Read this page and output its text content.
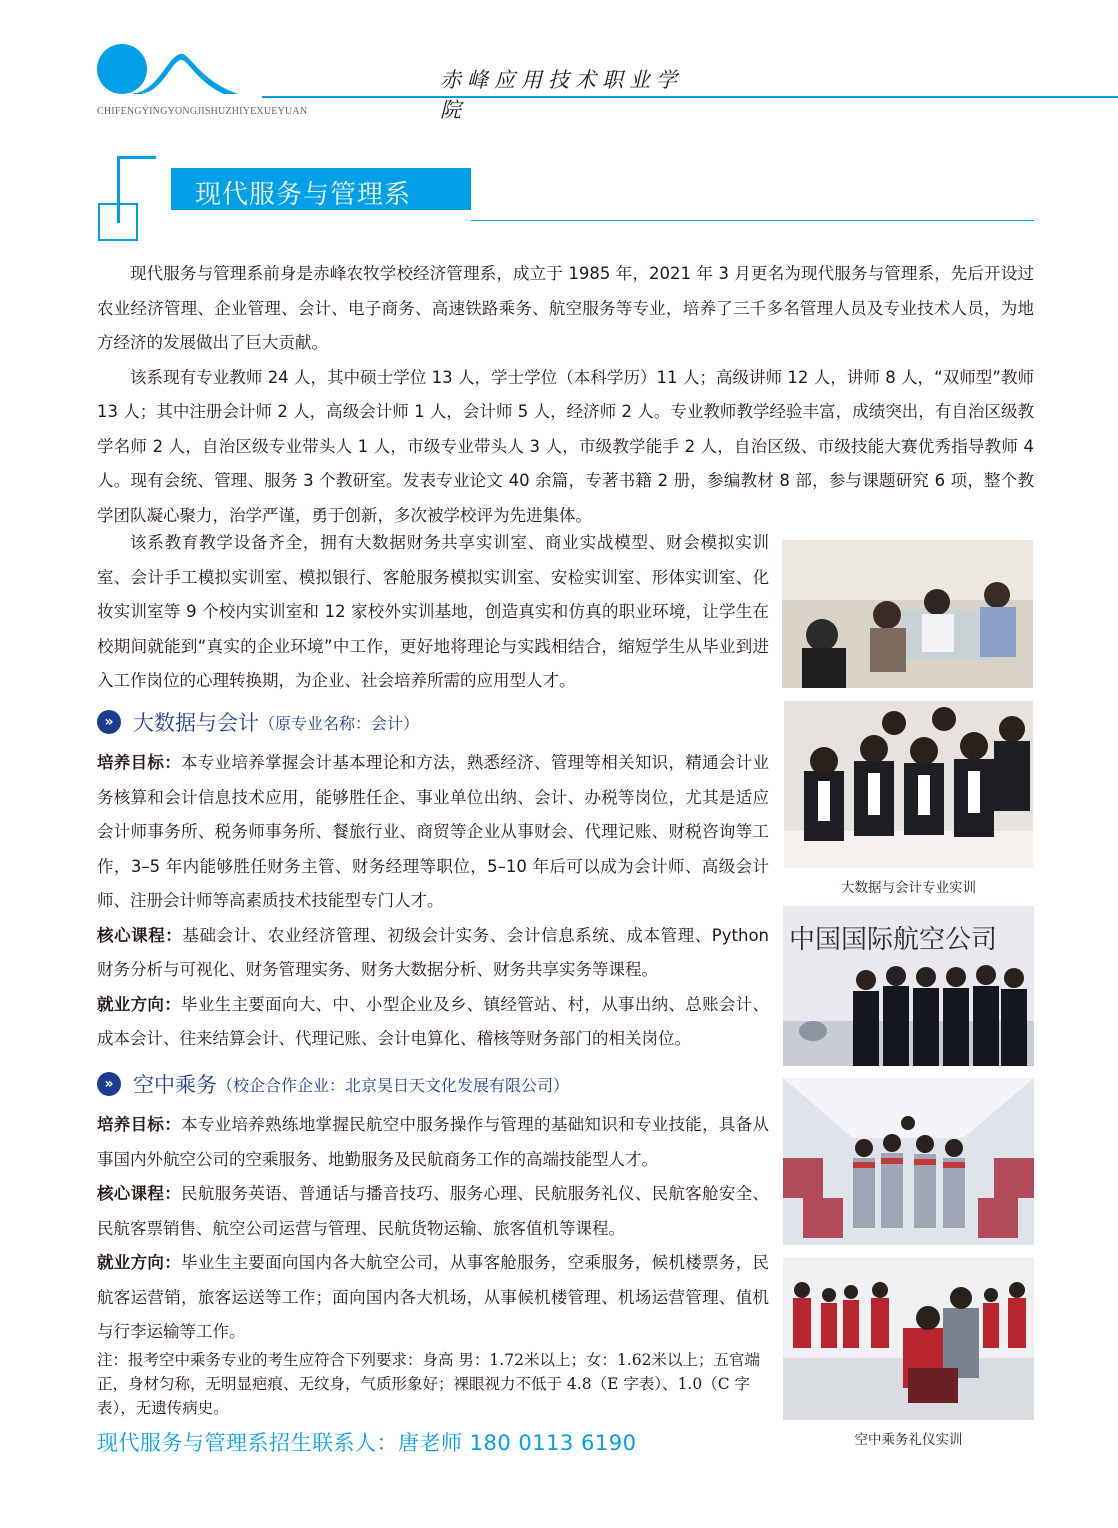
赤峰应用技术职业学院
CHIFENGYINGYONGJISHUZHIYEXUEYUAN
现代服务与管理系

现代服务与管理系前身是赤峰农牧学校经济管理系，成立于 1985 年，2021 年 3 月更名为现代服务与管理系，先后开设过农业经济管理、企业管理、会计、电子商务、高速铁路乘务、航空服务等专业，培养了三千多名管理人员及专业技术人员，为地方经济的发展做出了巨大贡献。

该系现有专业教师 24 人，其中硕士学位 13 人，学士学位（本科学历）11 人；高级讲师 12 人，讲师 8 人，“双师型”教师 13 人；其中注册会计师 2 人，高级会计师 1 人，会计师 5 人，经济师 2 人。专业教师教学经验丰富，成绩突出，有自治区级教学名师 2 人，自治区级专业带头人 1 人，市级专业带头人 3 人，市级教学能手 2 人，自治区级、市级技能大赛优秀指导教师 4 人。现有会统、管理、服务 3 个教研室。发表专业论文 40 余篇，专著书籍 2 册，参编教材 8 部，参与课题研究 6 项，整个教学团队凝心聚力，治学严谨，勇于创新，多次被学校评为先进集体。

该系教育教学设备齐全，拥有大数据财务共享实训室、商业实战模型、财会模拟实训室、会计手工模拟实训室、模拟银行、客舱服务模拟实训室、安检实训室、形体实训室、化妆实训室等 9 个校内实训室和 12 家校外实训基地，创造真实和仿真的职业环境，让学生在校期间就能到“真实的企业环境”中工作，更好地将理论与实践相结合，缩短学生从毕业到进入工作岗位的心理转换期，为企业、社会培养所需的应用型人才。

» 大数据与会计 （原专业名称：会计）

培养目标：本专业培养掌握会计基本理论和方法，熟悉经济、管理等相关知识，精通会计业务核算和会计信息技术应用，能够胜任企、事业单位出纳、会计、办税等岗位，尤其是适应会计师事务所、税务师事务所、餐旅行业、商贸等企业从事财会、代理记账、财税咨询等工作，3–5 年内能够胜任财务主管、财务经理等职位，5–10 年后可以成为会计师、高级会计师、注册会计师等高素质技术技能型专门人才。

核心课程：基础会计、农业经济管理、初级会计实务、会计信息系统、成本管理、Python 财务分析与可视化、财务管理实务、财务大数据分析、财务共享实务等课程。

就业方向：毕业生主要面向大、中、小型企业及乡、镇经管站、村，从事出纳、总账会计、成本会计、往来结算会计、代理记账、会计电算化、稽核等财务部门的相关岗位。

» 空中乘务 （校企合作企业：北京昊日天文化发展有限公司）

培养目标：本专业培养熟练地掌握民航空中服务操作与管理的基础知识和专业技能，具备从事国内外航空公司的空乘服务、地勤服务及民航商务工作的高端技能型人才。

核心课程：民航服务英语、普通话与播音技巧、服务心理、民航服务礼仪、民航客舱安全、民航客票销售、航空公司运营与管理、民航货物运输、旅客值机等课程。

就业方向：毕业生主要面向国内各大航空公司，从事客舱服务，空乘服务，候机楼票务，民航客运营销，旅客运送等工作；面向国内各大机场，从事候机楼管理、机场运营管理、值机与行李运输等工作。

注：报考空中乘务专业的考生应符合下列要求：身高 男：1.72米以上；女：1.62米以上；五官端正，身材匀称，无明显疤痕、无纹身，气质形象好；裸眼视力不低于 4.8（E 字表）、1.0（C 字表），无遗传病史。
现代服务与管理系招生联系人：唐老师 180 0113 6190
大数据与会计专业实训
中国国际航空公司
空中乘务礼仪实训
